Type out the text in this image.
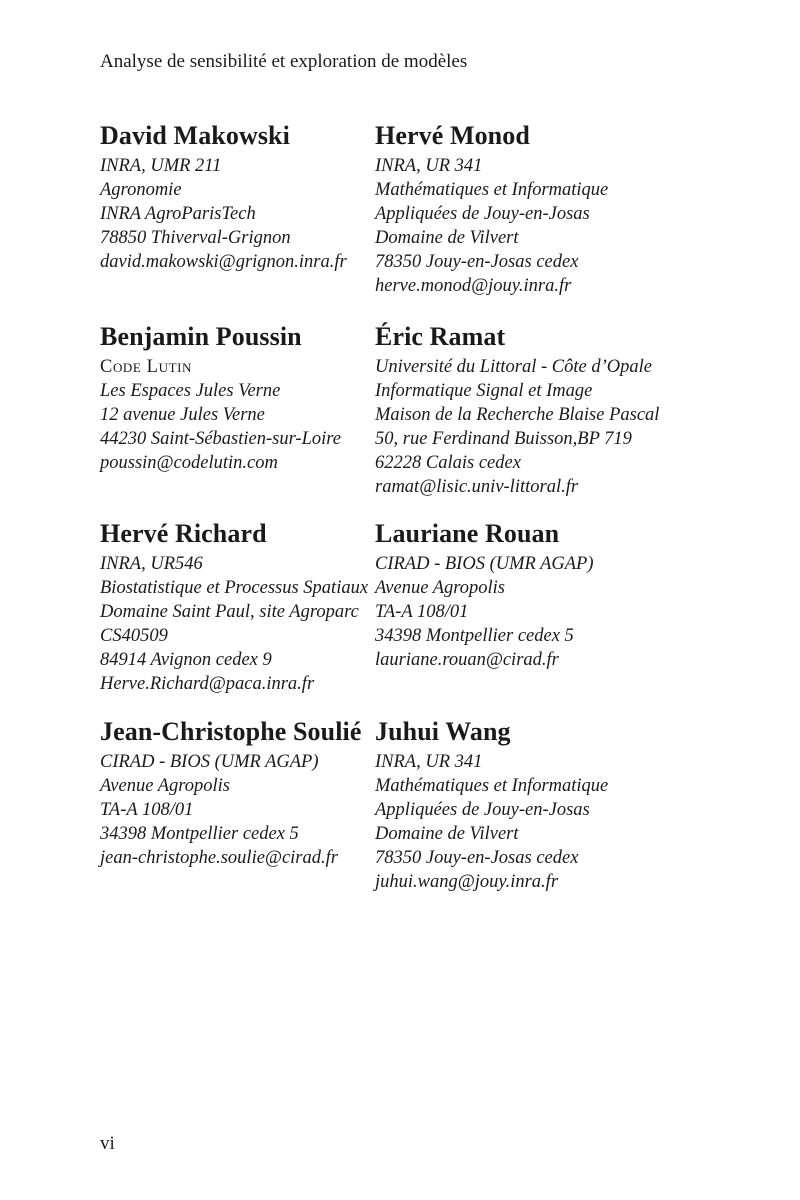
Analyse de sensibilité et exploration de modèles
David Makowski
INRA, UMR 211
Agronomie
INRA AgroParisTech
78850 Thiverval-Grignon
david.makowski@grignon.inra.fr
Hervé Monod
INRA, UR 341
Mathématiques et Informatique
Appliquées de Jouy-en-Josas
Domaine de Vilvert
78350 Jouy-en-Josas cedex
herve.monod@jouy.inra.fr
Benjamin Poussin
Code Lutin
Les Espaces Jules Verne
12 avenue Jules Verne
44230 Saint-Sébastien-sur-Loire
poussin@codelutin.com
Éric Ramat
Université du Littoral - Côte d’Opale
Informatique Signal et Image
Maison de la Recherche Blaise Pascal
50, rue Ferdinand Buisson,BP 719
62228 Calais cedex
ramat@lisic.univ-littoral.fr
Hervé Richard
INRA, UR546
Biostatistique et Processus Spatiaux
Domaine Saint Paul, site Agroparc
CS40509
84914 Avignon cedex 9
Herve.Richard@paca.inra.fr
Lauriane Rouan
CIRAD - BIOS (UMR AGAP)
Avenue Agropolis
TA-A 108/01
34398 Montpellier cedex 5
lauriane.rouan@cirad.fr
Jean-Christophe Soulié
CIRAD - BIOS (UMR AGAP)
Avenue Agropolis
TA-A 108/01
34398 Montpellier cedex 5
jean-christophe.soulie@cirad.fr
Juhui Wang
INRA, UR 341
Mathématiques et Informatique
Appliquées de Jouy-en-Josas
Domaine de Vilvert
78350 Jouy-en-Josas cedex
juhui.wang@jouy.inra.fr
vi
